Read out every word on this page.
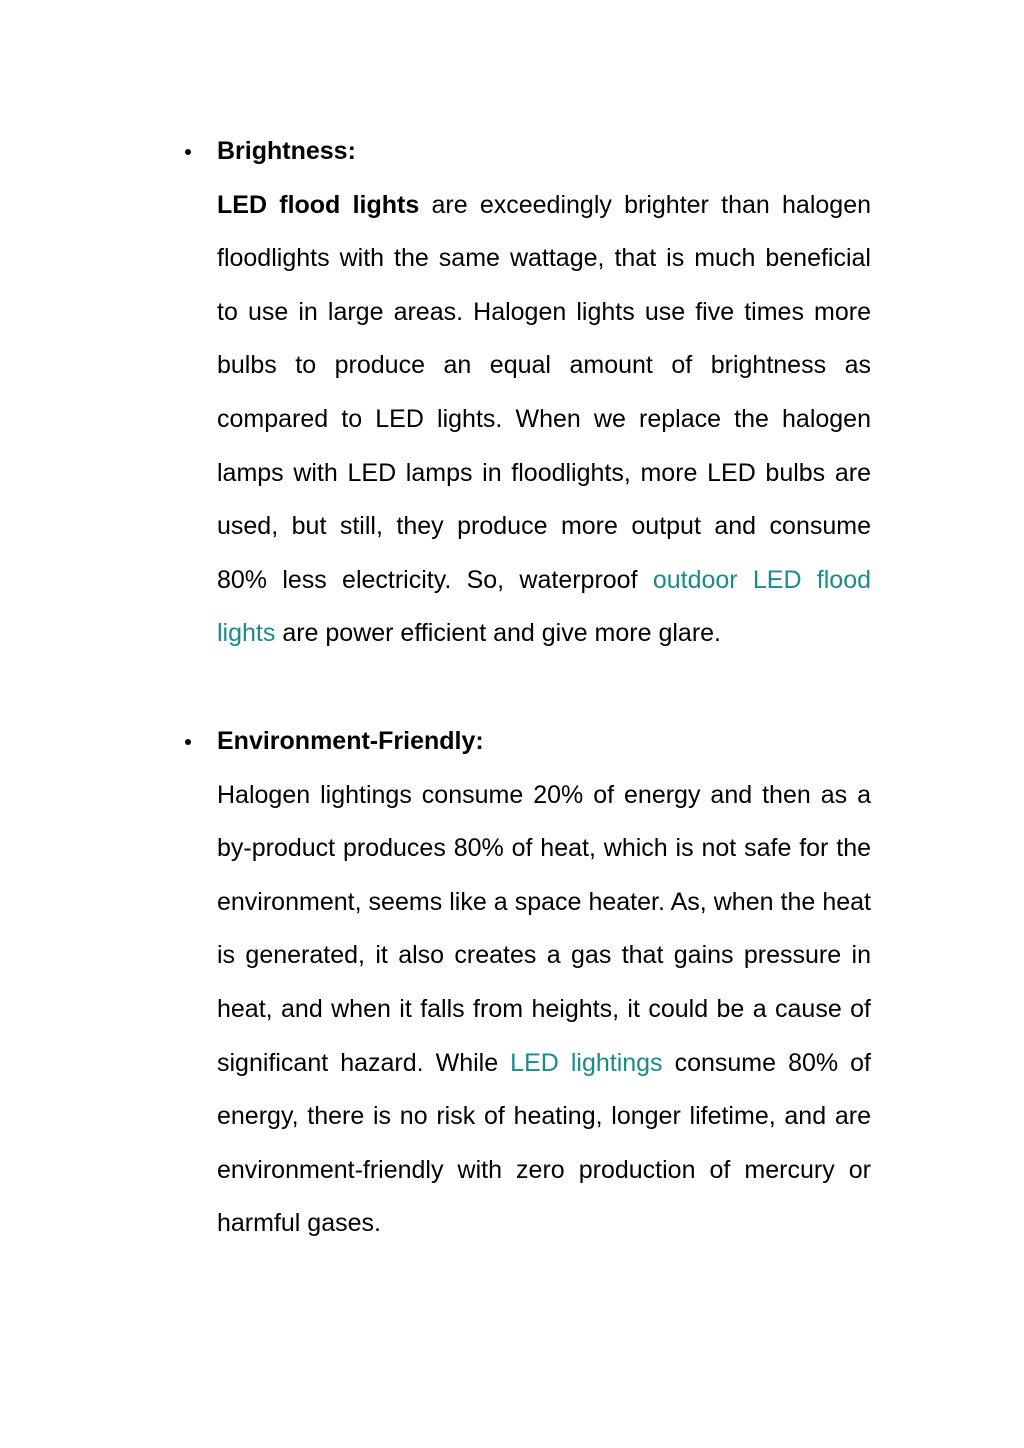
Brightness:

LED flood lights are exceedingly brighter than halogen floodlights with the same wattage, that is much beneficial to use in large areas. Halogen lights use five times more bulbs to produce an equal amount of brightness as compared to LED lights. When we replace the halogen lamps with LED lamps in floodlights, more LED bulbs are used, but still, they produce more output and consume 80% less electricity. So, waterproof outdoor LED flood lights are power efficient and give more glare.

Environment-Friendly:

Halogen lightings consume 20% of energy and then as a by-product produces 80% of heat, which is not safe for the environment, seems like a space heater. As, when the heat is generated, it also creates a gas that gains pressure in heat, and when it falls from heights, it could be a cause of significant hazard. While LED lightings consume 80% of energy, there is no risk of heating, longer lifetime, and are environment-friendly with zero production of mercury or harmful gases.
